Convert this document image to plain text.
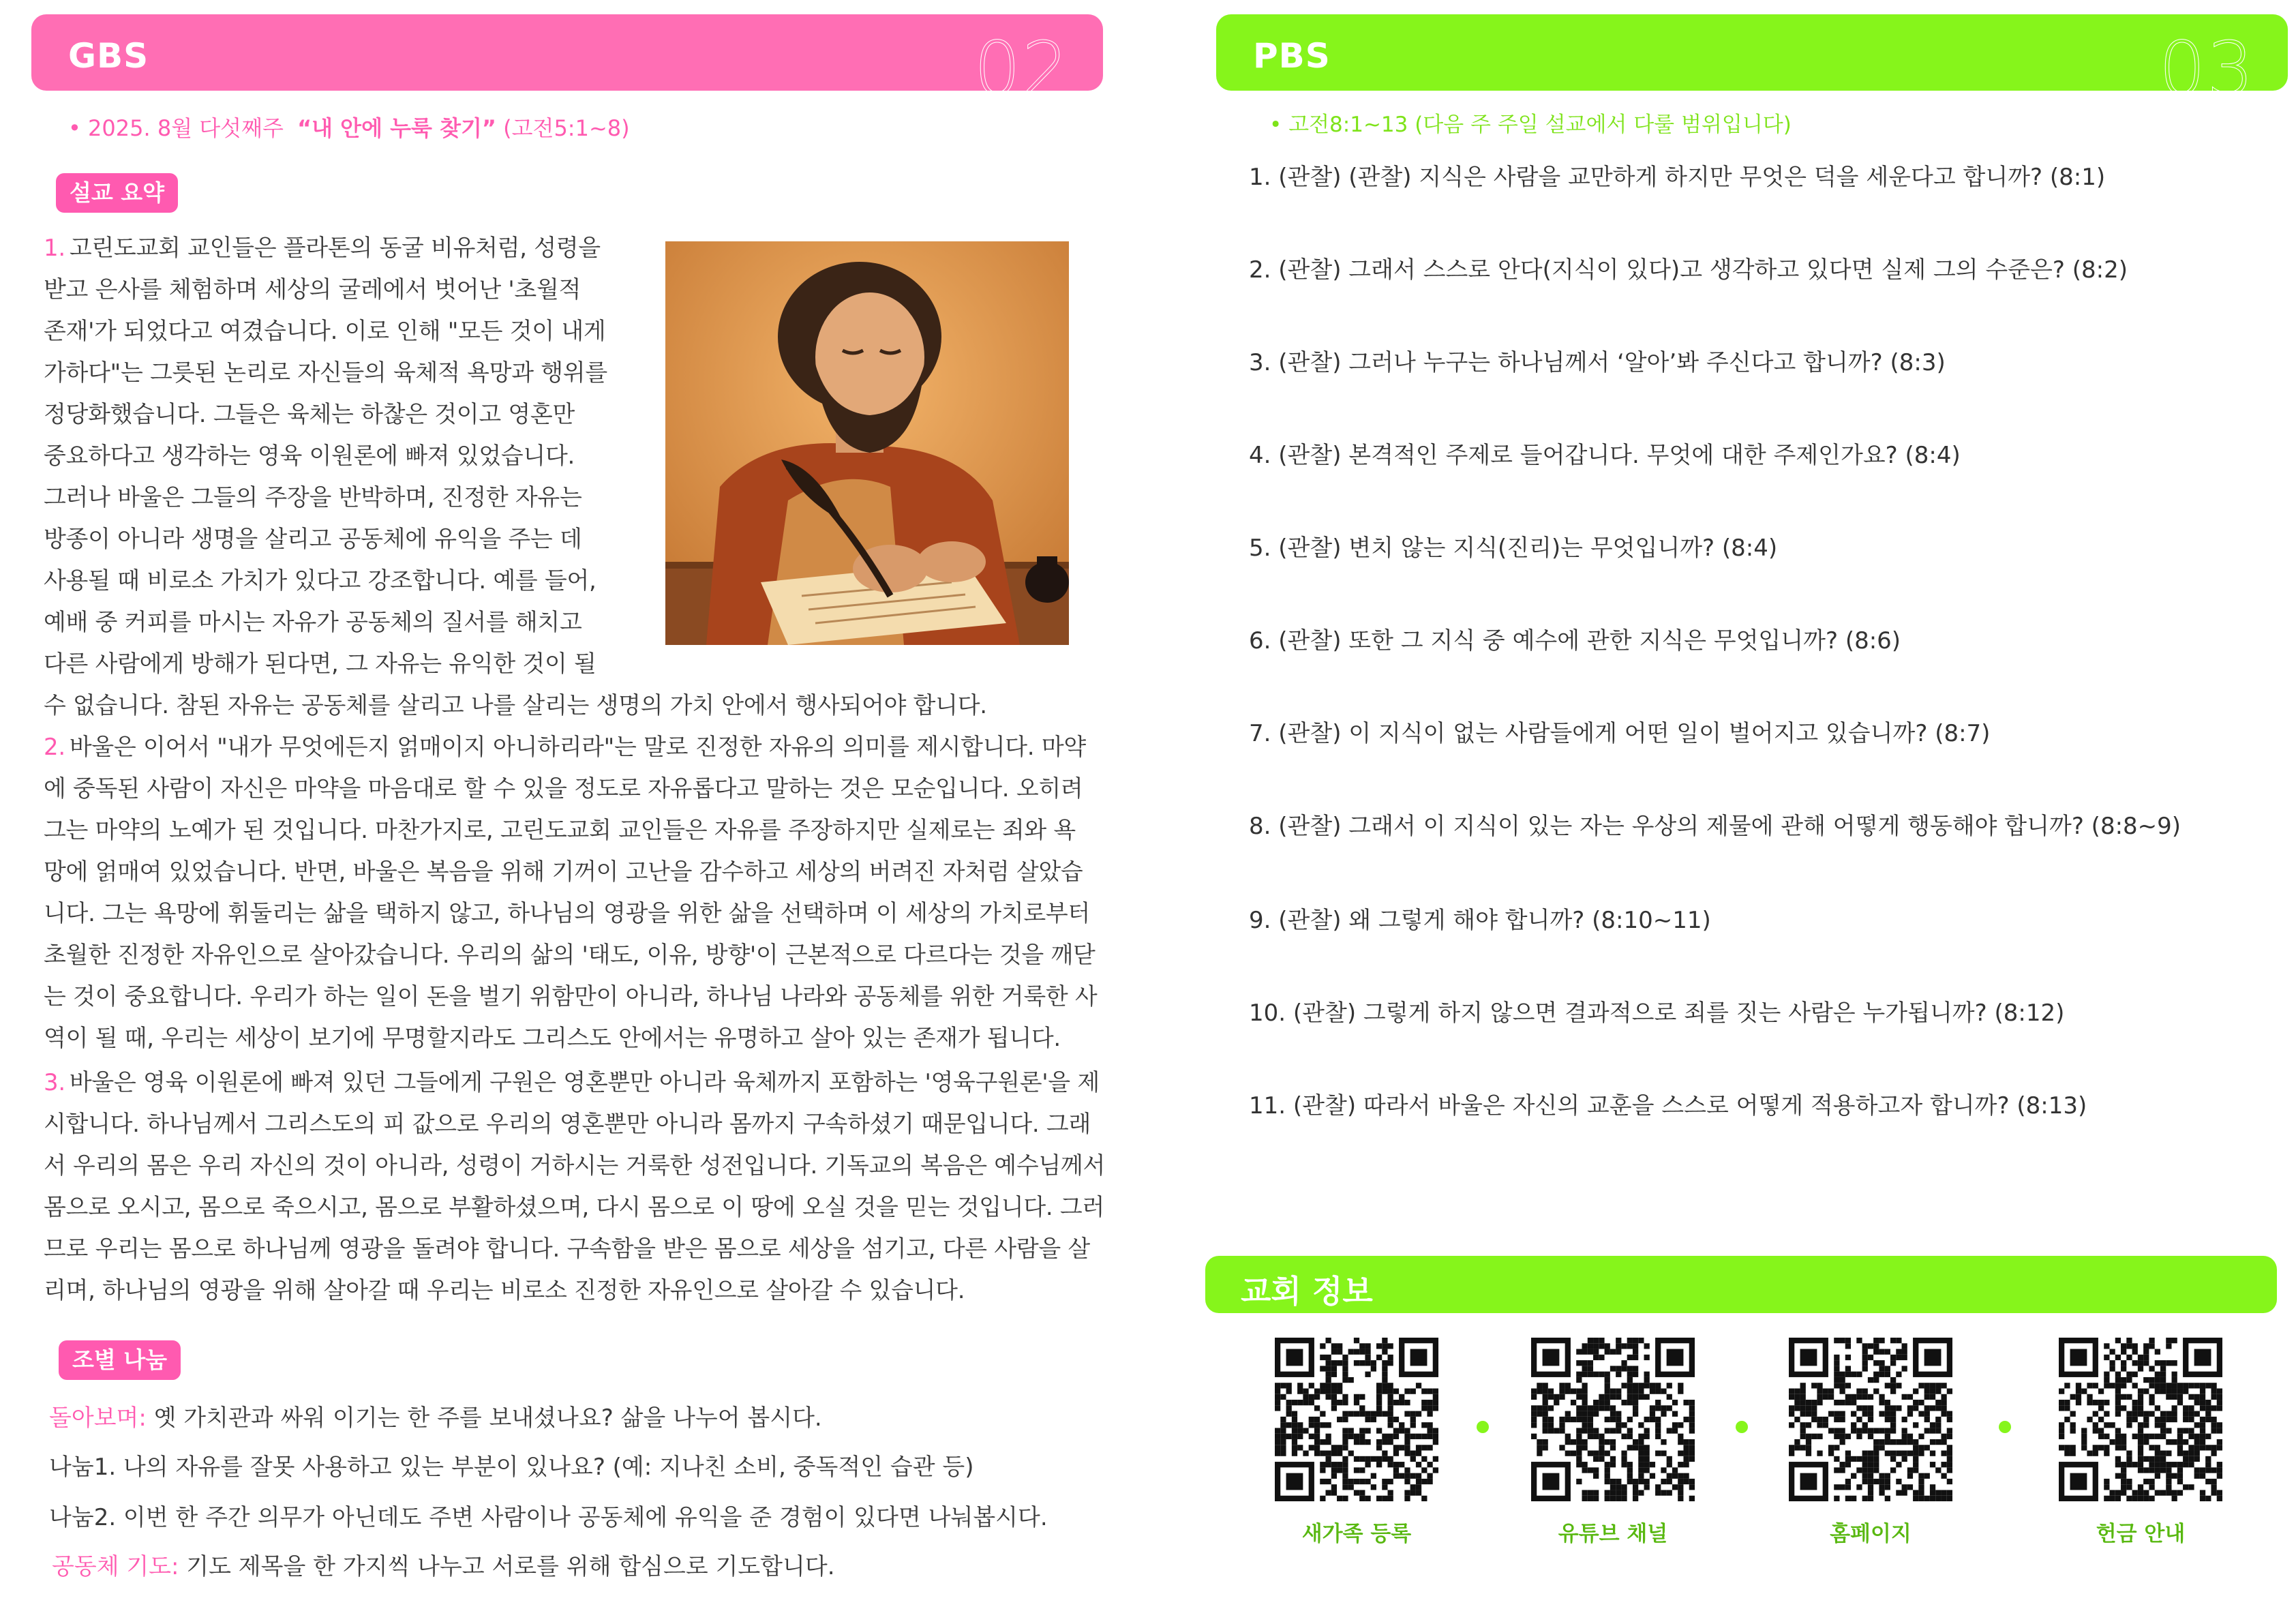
GBS	02
• 2025. 8월 다섯째주 “내 안에 누룩 찾기” (고전5:1~8)
설교 요약
1. 고린도교회 교인들은 플라톤의 동굴 비유처럼, 성령을
받고 은사를 체험하며 세상의 굴레에서 벗어난 '초월적
존재'가 되었다고 여겼습니다. 이로 인해 "모든 것이 내게
가하다"는 그릇된 논리로 자신들의 육체적 욕망과 행위를
정당화했습니다. 그들은 육체는 하찮은 것이고 영혼만
중요하다고 생각하는 영육 이원론에 빠져 있었습니다.
그러나 바울은 그들의 주장을 반박하며, 진정한 자유는
방종이 아니라 생명을 살리고 공동체에 유익을 주는 데
사용될 때 비로소 가치가 있다고 강조합니다. 예를 들어,
예배 중 커피를 마시는 자유가 공동체의 질서를 해치고
다른 사람에게 방해가 된다면, 그 자유는 유익한 것이 될
수 없습니다. 참된 자유는 공동체를 살리고 나를 살리는 생명의 가치 안에서 행사되어야 합니다.
2. 바울은 이어서 "내가 무엇에든지 얽매이지 아니하리라"는 말로 진정한 자유의 의미를 제시합니다. 마약
에 중독된 사람이 자신은 마약을 마음대로 할 수 있을 정도로 자유롭다고 말하는 것은 모순입니다. 오히려
그는 마약의 노예가 된 것입니다. 마찬가지로, 고린도교회 교인들은 자유를 주장하지만 실제로는 죄와 욕
망에 얽매여 있었습니다. 반면, 바울은 복음을 위해 기꺼이 고난을 감수하고 세상의 버려진 자처럼 살았습
니다. 그는 욕망에 휘둘리는 삶을 택하지 않고, 하나님의 영광을 위한 삶을 선택하며 이 세상의 가치로부터
초월한 진정한 자유인으로 살아갔습니다. 우리의 삶의 '태도, 이유, 방향'이 근본적으로 다르다는 것을 깨닫
는 것이 중요합니다. 우리가 하는 일이 돈을 벌기 위함만이 아니라, 하나님 나라와 공동체를 위한 거룩한 사
역이 될 때, 우리는 세상이 보기에 무명할지라도 그리스도 안에서는 유명하고 살아 있는 존재가 됩니다.
3. 바울은 영육 이원론에 빠져 있던 그들에게 구원은 영혼뿐만 아니라 육체까지 포함하는 '영육구원론'을 제
시합니다. 하나님께서 그리스도의 피 값으로 우리의 영혼뿐만 아니라 몸까지 구속하셨기 때문입니다. 그래
서 우리의 몸은 우리 자신의 것이 아니라, 성령이 거하시는 거룩한 성전입니다. 기독교의 복음은 예수님께서
몸으로 오시고, 몸으로 죽으시고, 몸으로 부활하셨으며, 다시 몸으로 이 땅에 오실 것을 믿는 것입니다. 그러
므로 우리는 몸으로 하나님께 영광을 돌려야 합니다. 구속함을 받은 몸으로 세상을 섬기고, 다른 사람을 살
리며, 하나님의 영광을 위해 살아갈 때 우리는 비로소 진정한 자유인으로 살아갈 수 있습니다.
조별 나눔
돌아보며: 옛 가치관과 싸워 이기는 한 주를 보내셨나요? 삶을 나누어 봅시다.
나눔1. 나의 자유를 잘못 사용하고 있는 부분이 있나요? (예: 지나친 소비, 중독적인 습관 등)
나눔2. 이번 한 주간 의무가 아닌데도 주변 사람이나 공동체에 유익을 준 경험이 있다면 나눠봅시다.
공동체 기도: 기도 제목을 한 가지씩 나누고 서로를 위해 합심으로 기도합니다.
PBS	03
• 고전8:1~13 (다음 주 주일 설교에서 다룰 범위입니다)
1. (관찰) (관찰) 지식은 사람을 교만하게 하지만 무엇은 덕을 세운다고 합니까? (8:1)
2. (관찰) 그래서 스스로 안다(지식이 있다)고 생각하고 있다면 실제 그의 수준은? (8:2)
3. (관찰) 그러나 누구는 하나님께서 ‘알아’봐 주신다고 합니까? (8:3)
4. (관찰) 본격적인 주제로 들어갑니다. 무엇에 대한 주제인가요? (8:4)
5. (관찰) 변치 않는 지식(진리)는 무엇입니까? (8:4)
6. (관찰) 또한 그 지식 중 예수에 관한 지식은 무엇입니까? (8:6)
7. (관찰) 이 지식이 없는 사람들에게 어떤 일이 벌어지고 있습니까? (8:7)
8. (관찰) 그래서 이 지식이 있는 자는 우상의 제물에 관해 어떻게 행동해야 합니까? (8:8~9)
9. (관찰) 왜 그렇게 해야 합니까? (8:10~11)
10. (관찰) 그렇게 하지 않으면 결과적으로 죄를 짓는 사람은 누가됩니까? (8:12)
11. (관찰) 따라서 바울은 자신의 교훈을 스스로 어떻게 적용하고자 합니까? (8:13)
교회 정보
새가족 등록	유튜브 채널	홈페이지	헌금 안내
